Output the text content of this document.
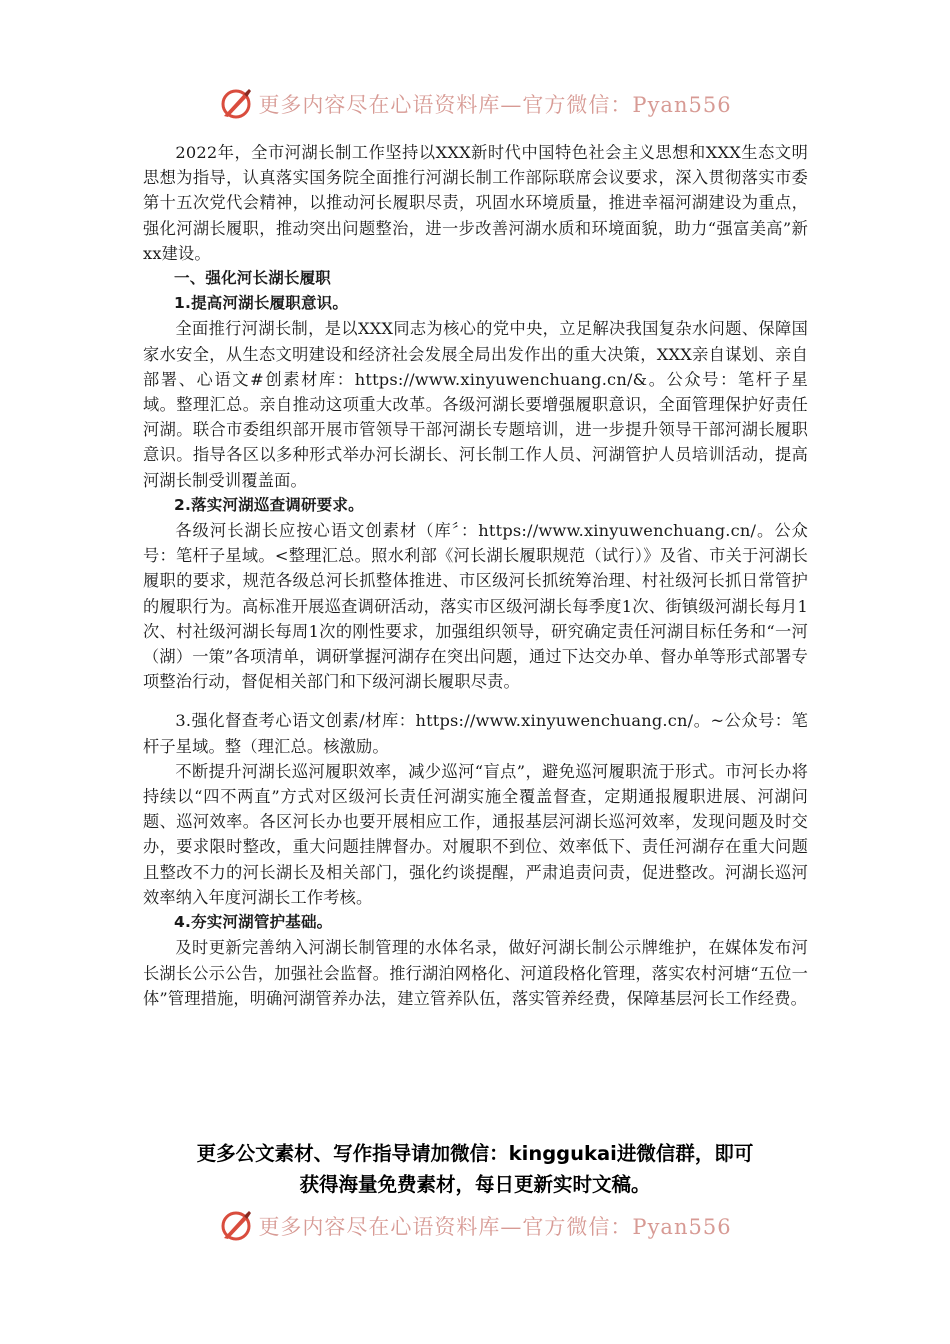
更多内容尽在心语资料库—官方微信：Pyan556

2022年，全市河湖长制工作坚持以XXX新时代中国特色社会主义思想和XXX生态文明思想为指导，认真落实国务院全面推行河湖长制工作部际联席会议要求，深入贯彻落实市委第十五次党代会精神，以推动河长履职尽责，巩固水环境质量，推进幸福河湖建设为重点，强化河湖长履职，推动突出问题整治，进一步改善河湖水质和环境面貌，助力“强富美高”新xx建设。

一、强化河长湖长履职

1.提高河湖长履职意识。

全面推行河湖长制，是以XXX同志为核心的党中央，立足解决我国复杂水问题、保障国家水安全，从生态文明建设和经济社会发展全局出发作出的重大决策，XXX亲自谋划、亲自部署、心语文#创素材库：https://www.xinyuwenchuang.cn/&。公众号：笔杆子星域。整理汇总。亲自推动这项重大改革。各级河湖长要增强履职意识，全面管理保护好责任河湖。联合市委组织部开展市管领导干部河湖长专题培训，进一步提升领导干部河湖长履职意识。指导各区以多种形式举办河长湖长、河长制工作人员、河湖管护人员培训活动，提高河湖长制受训覆盖面。

2.落实河湖巡查调研要求。

各级河长湖长应按心语文创素材（库〞：https://www.xinyuwenchuang.cn/。公众号：笔杆子星域。<整理汇总。照水利部《河长湖长履职规范（试行）》及省、市关于河湖长履职的要求，规范各级总河长抓整体推进、市区级河长抓统筹治理、村社级河长抓日常管护的履职行为。高标准开展巡查调研活动，落实市区级河湖长每季度1次、街镇级河湖长每月1次、村社级河湖长每周1次的刚性要求，加强组织领导，研究确定责任河湖目标任务和“一河（湖）一策”各项清单，调研掌握河湖存在突出问题，通过下达交办单、督办单等形式部署专项整治行动，督促相关部门和下级河湖长履职尽责。

3.强化督查考心语文创素/材库：https://www.xinyuwenchuang.cn/。~公众号：笔杆子星域。整（理汇总。核激励。

不断提升河湖长巡河履职效率，减少巡河“盲点”，避免巡河履职流于形式。市河长办将持续以“四不两直”方式对区级河长责任河湖实施全覆盖督查，定期通报履职进展、河湖问题、巡河效率。各区河长办也要开展相应工作，通报基层河湖长巡河效率，发现问题及时交办，要求限时整改，重大问题挂牌督办。对履职不到位、效率低下、责任河湖存在重大问题且整改不力的河长湖长及相关部门，强化约谈提醒，严肃追责问责，促进整改。河湖长巡河效率纳入年度河湖长工作考核。

4.夯实河湖管护基础。

及时更新完善纳入河湖长制管理的水体名录，做好河湖长制公示牌维护，在媒体发布河长湖长公示公告，加强社会监督。推行湖泊网格化、河道段格化管理，落实农村河塘“五位一体”管理措施，明确河湖管养办法，建立管养队伍，落实管养经费，保障基层河长工作经费。

更多公文素材、写作指导请加微信：kinggukai进微信群，即可
获得海量免费素材，每日更新实时文稿。
更多内容尽在心语资料库—官方微信：Pyan556
